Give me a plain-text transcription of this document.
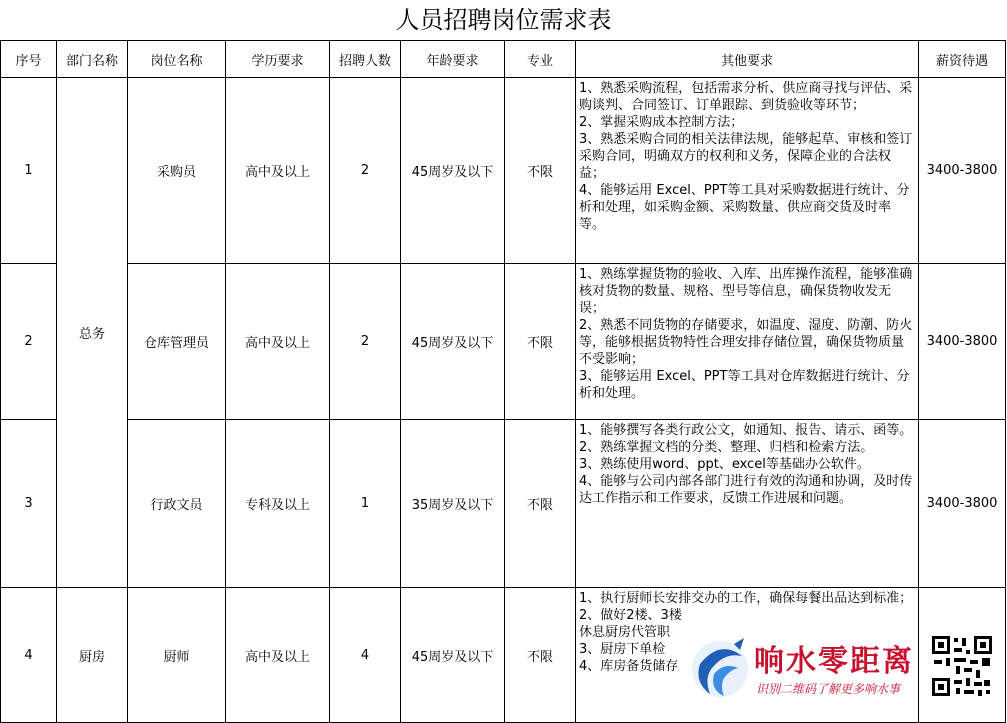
人员招聘岗位需求表
序号	部门名称	岗位名称	学历要求	招聘人数	年龄要求	专业	其他要求	薪资待遇
1	总务	采购员	高中及以上	2	45周岁及以下	不限	1、熟悉采购流程，包括需求分析、供应商寻找与评估、采购谈判、合同签订、订单跟踪、到货验收等环节；
2、掌握采购成本控制方法；
3、熟悉采购合同的相关法律法规，能够起草、审核和签订采购合同，明确双方的权利和义务，保障企业的合法权益；
4、能够运用 Excel、PPT等工具对采购数据进行统计、分析和处理，如采购金额、采购数量、供应商交货及时率等。	3400-3800
2		仓库管理员	高中及以上	2	45周岁及以下	不限	1、熟练掌握货物的验收、入库、出库操作流程，能够准确核对货物的数量、规格、型号等信息，确保货物收发无误；
2、熟悉不同货物的存储要求，如温度、湿度、防潮、防火等，能够根据货物特性合理安排存储位置，确保货物质量不受影响；
3、能够运用 Excel、PPT等工具对仓库数据进行统计、分析和处理。	3400-3800
3		行政文员	专科及以上	1	35周岁及以下	不限	1、能够撰写各类行政公文，如通知、报告、请示、函等。
2、熟练掌握文档的分类、整理、归档和检索方法。
3、熟练使用word、ppt、excel等基础办公软件。
4、能够与公司内部各部门进行有效的沟通和协调，及时传达工作指示和工作要求，反馈工作进展和问题。	3400-3800
4	厨房	厨师	高中及以上	4	45周岁及以下	不限	1、执行厨师长安排交办的工作，确保每餐出品达到标准；
2、做好2楼、3楼
休息厨房代管职
3、厨房下单检
4、库房备货储存	
		响水零距离
识别二维码了解更多响水事
